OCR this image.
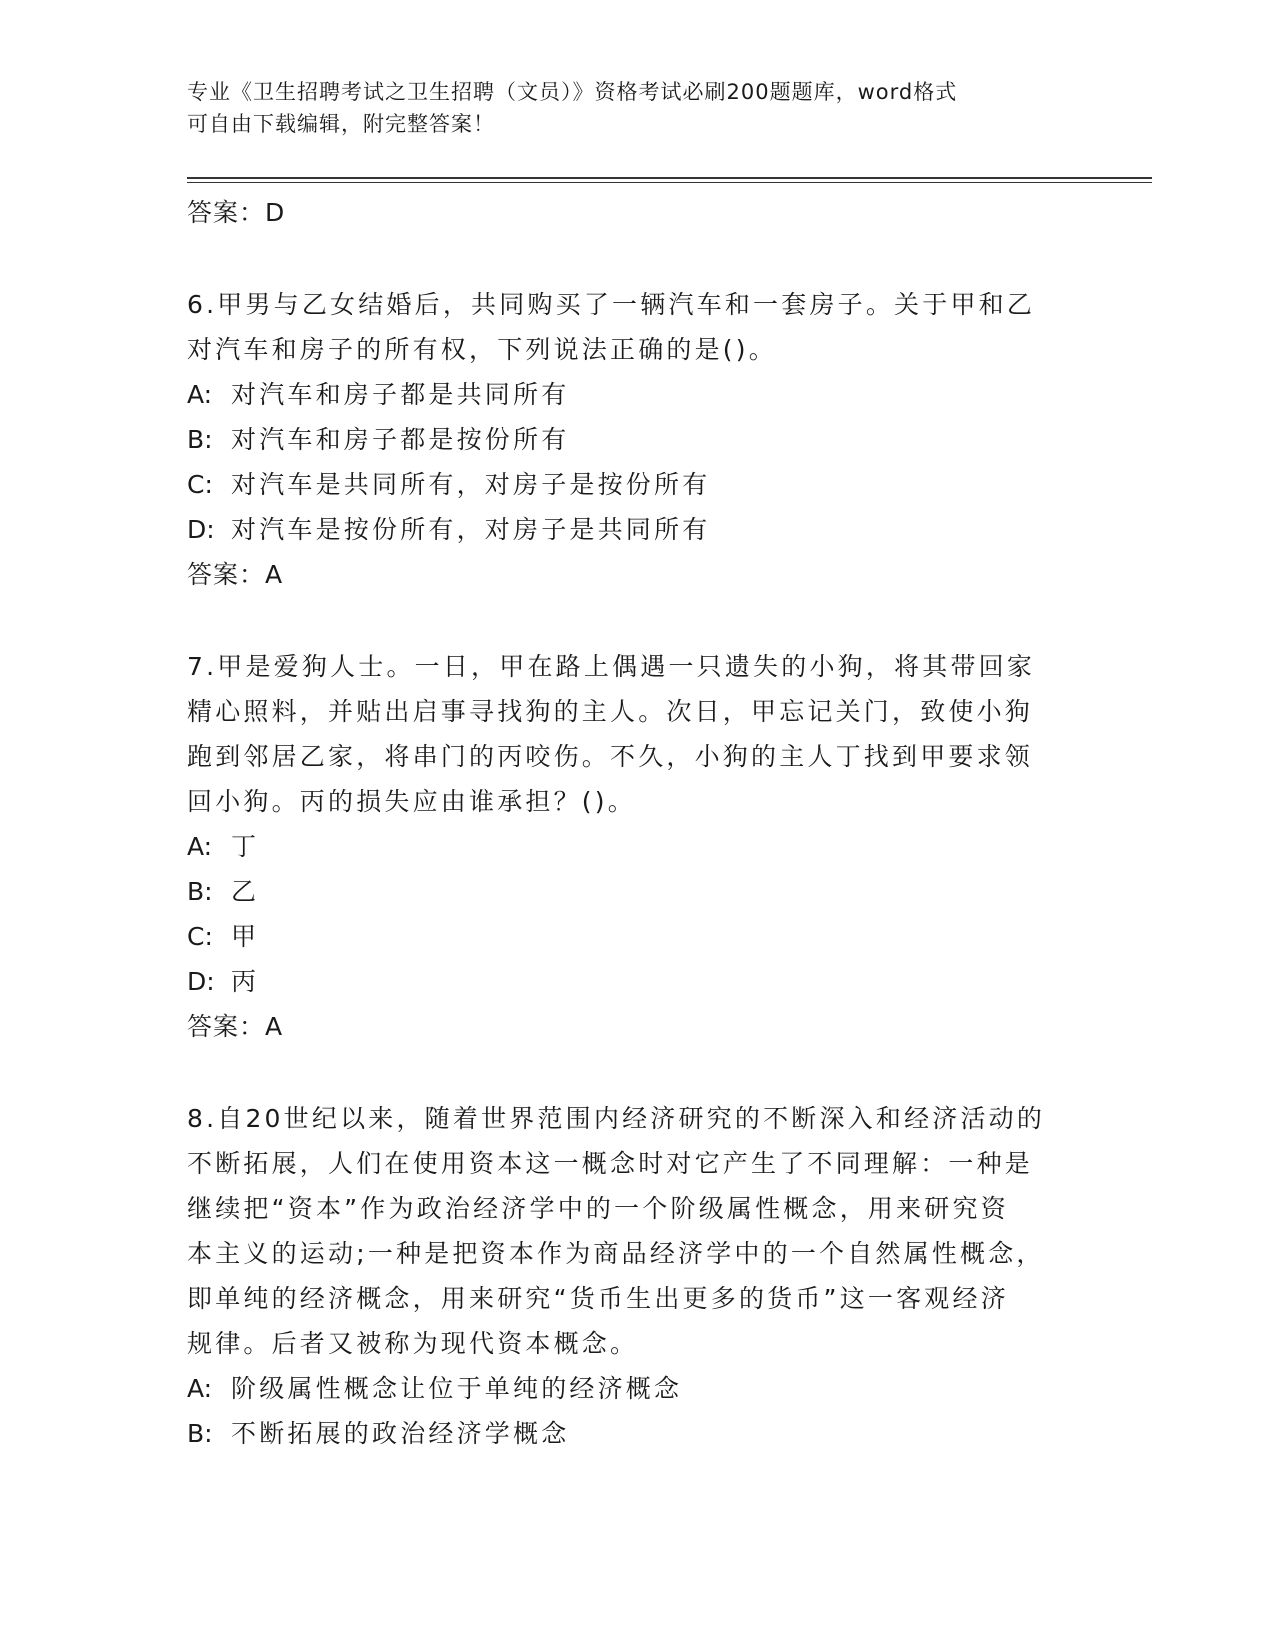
专业《卫生招聘考试之卫生招聘（文员）》资格考试必刷200题题库，word格式
可自由下载编辑，附完整答案！
答案：D
6.甲男与乙女结婚后，共同购买了一辆汽车和一套房子。关于甲和乙
对汽车和房子的所有权，下列说法正确的是()。
A: 对汽车和房子都是共同所有
B: 对汽车和房子都是按份所有
C: 对汽车是共同所有，对房子是按份所有
D: 对汽车是按份所有，对房子是共同所有
答案：A
7.甲是爱狗人士。一日，甲在路上偶遇一只遗失的小狗，将其带回家
精心照料，并贴出启事寻找狗的主人。次日，甲忘记关门，致使小狗
跑到邻居乙家，将串门的丙咬伤。不久，小狗的主人丁找到甲要求领
回小狗。丙的损失应由谁承担？()。
A: 丁
B: 乙
C: 甲
D: 丙
答案：A
8.自20世纪以来，随着世界范围内经济研究的不断深入和经济活动的
不断拓展，人们在使用资本这一概念时对它产生了不同理解：一种是
继续把“资本”作为政治经济学中的一个阶级属性概念，用来研究资
本主义的运动;一种是把资本作为商品经济学中的一个自然属性概念，
即单纯的经济概念，用来研究“货币生出更多的货币”这一客观经济
规律。后者又被称为现代资本概念。
A: 阶级属性概念让位于单纯的经济概念
B: 不断拓展的政治经济学概念
